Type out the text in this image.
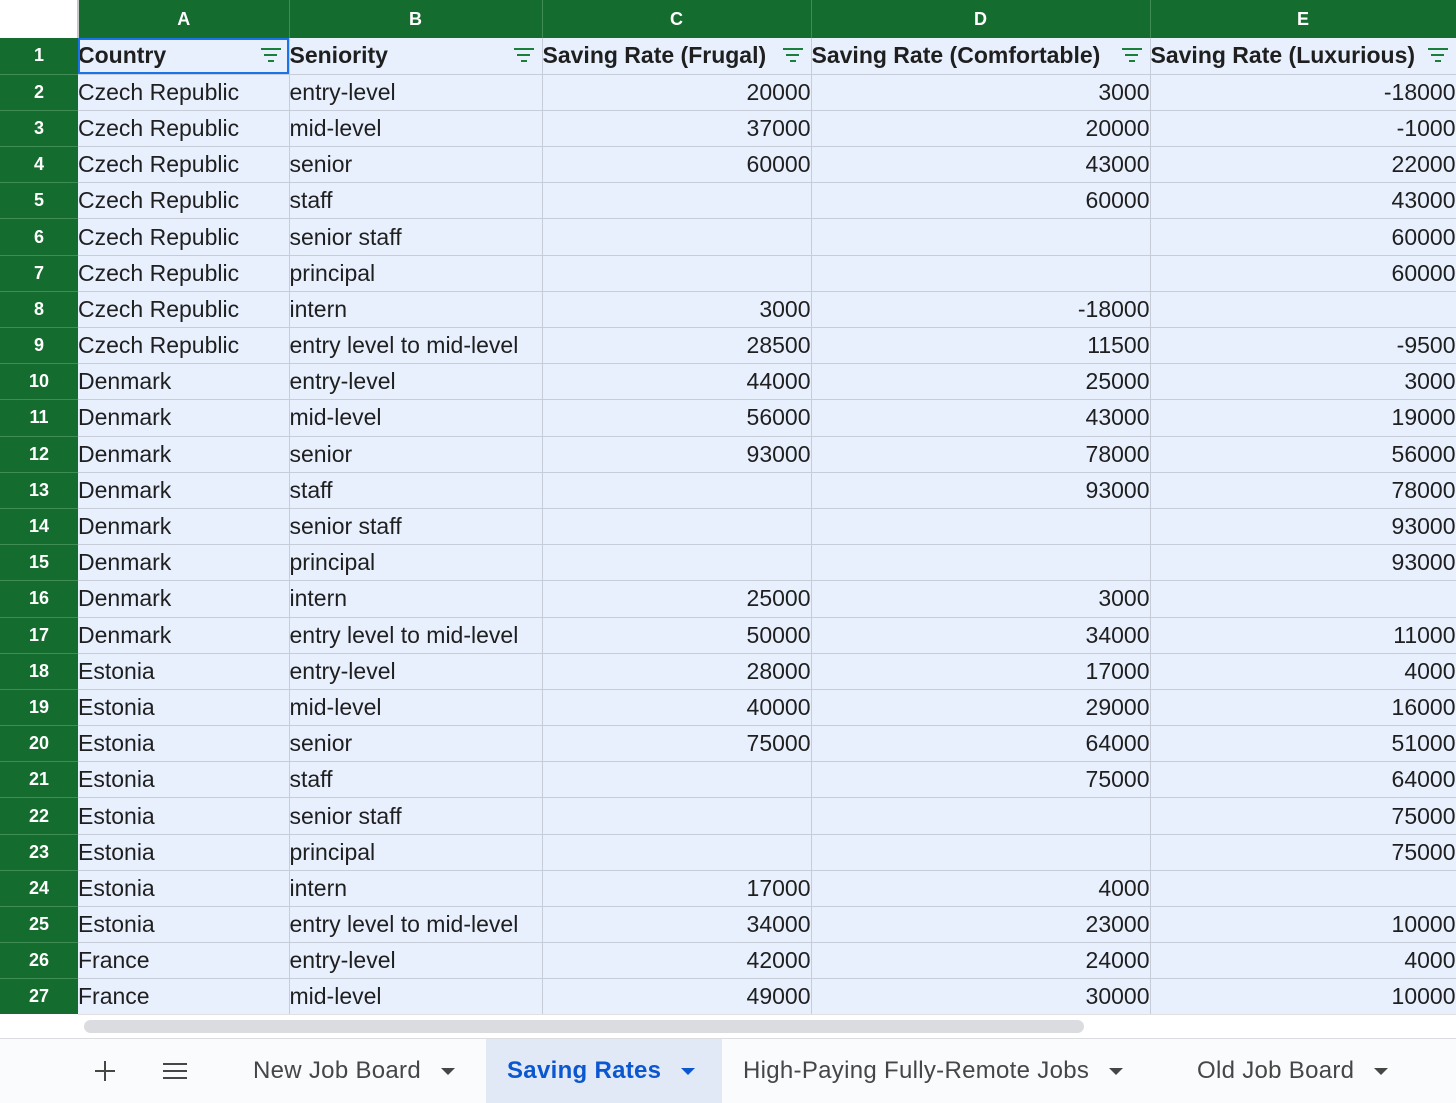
	A	B	C	D	E
1	Country	Seniority	Saving Rate (Frugal)	Saving Rate (Comfortable)	Saving Rate (Luxurious)

2	Czech Republic	entry-level	20000	3000	-18000
3	Czech Republic	mid-level	37000	20000	-1000
4	Czech Republic	senior	60000	43000	22000
5	Czech Republic	staff		60000	43000
6	Czech Republic	senior staff			60000
7	Czech Republic	principal			60000
8	Czech Republic	intern	3000	-18000	
9	Czech Republic	entry level to mid-level	28500	11500	-9500
10	Denmark	entry-level	44000	25000	3000
11	Denmark	mid-level	56000	43000	19000
12	Denmark	senior	93000	78000	56000
13	Denmark	staff		93000	78000
14	Denmark	senior staff			93000
15	Denmark	principal			93000
16	Denmark	intern	25000	3000	
17	Denmark	entry level to mid-level	50000	34000	11000
18	Estonia	entry-level	28000	17000	4000
19	Estonia	mid-level	40000	29000	16000
20	Estonia	senior	75000	64000	51000
21	Estonia	staff		75000	64000
22	Estonia	senior staff			75000
23	Estonia	principal			75000
24	Estonia	intern	17000	4000	
25	Estonia	entry level to mid-level	34000	23000	10000
26	France	entry-level	42000	24000	4000
27	France	mid-level	49000	30000	10000
New Job Board	Saving Rates	High-Paying Fully-Remote Jobs	Old Job Board
